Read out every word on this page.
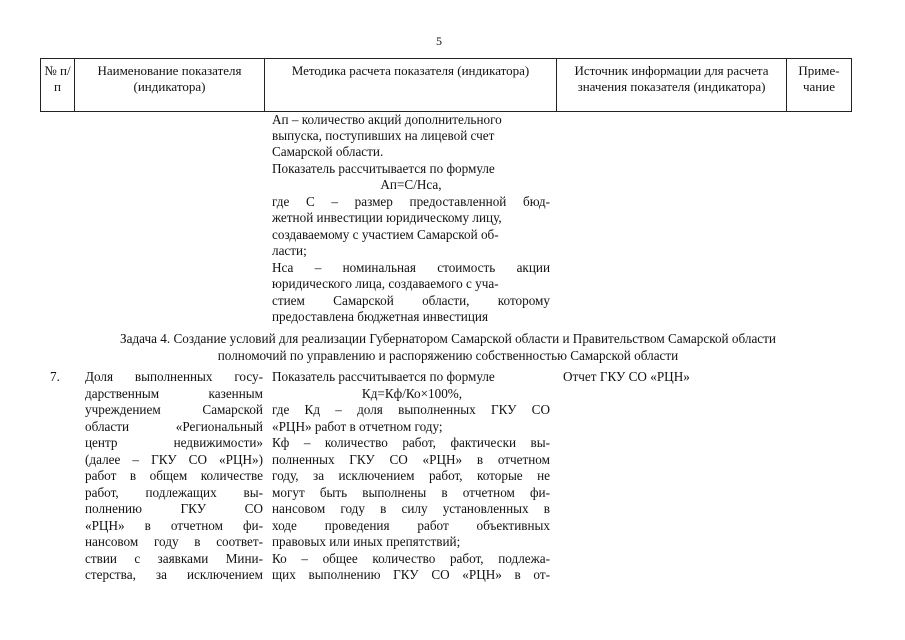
5
№ п/п
Наименование показателя (индикатора)
Методика расчета показателя (индикатора)	Источник информации для расчета значения показателя (индикатора)
Приме-чание
Ап – количество акций дополнительного
выпуска, поступивших на лицевой счет
Самарской области.
Показатель рассчитывается по формуле
Ап=С/Нса,
где С – размер предоставленной бюд-
жетной инвестиции юридическому лицу,
создаваемому с участием Самарской об-
ласти;
Нса – номинальная стоимость акции
юридического лица, создаваемого с уча-
стием Самарской области, которому
предоставлена бюджетная инвестиция
Задача 4. Создание условий для реализации Губернатором Самарской области и Правительством Самарской области
полномочий по управлению и распоряжению собственностью Самарской области
7.	Доля выполненных госу-
дарственным казенным
учреждением Самарской
области «Региональный
центр недвижимости»
(далее – ГКУ СО «РЦН»)
работ в общем количестве
работ, подлежащих вы-
полнению ГКУ СО
«РЦН» в отчетном фи-
нансовом году в соответ-
ствии с заявками Мини-
стерства, за исключением
Показатель рассчитывается по формуле
Кд=Кф/Ко×100%,
где Кд – доля выполненных ГКУ СО
«РЦН» работ в отчетном году;
Кф – количество работ, фактически вы-
полненных ГКУ СО «РЦН» в отчетном
году, за исключением работ, которые не
могут быть выполнены в отчетном фи-
нансовом году в силу установленных в
ходе проведения работ объективных
правовых или иных препятствий;
Ко – общее количество работ, подлежа-
щих выполнению ГКУ СО «РЦН» в от-
Отчет ГКУ СО «РЦН»
